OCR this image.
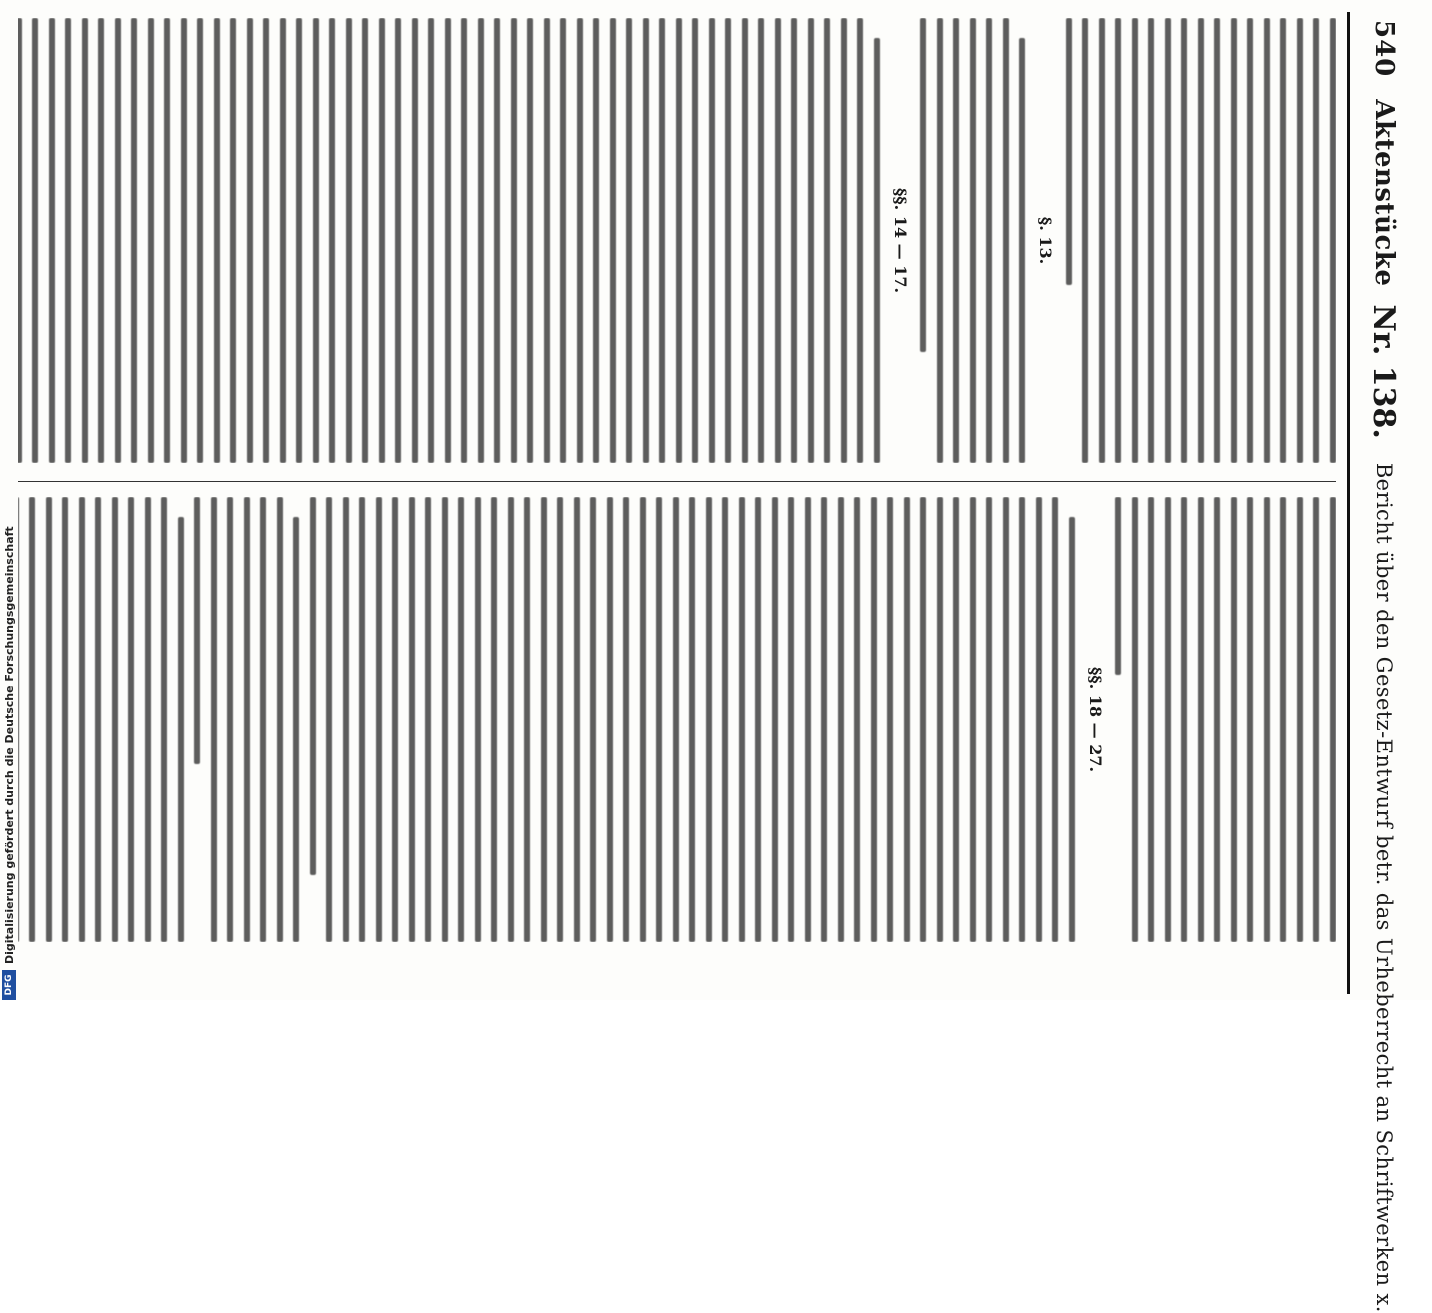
540
Aktenstücke
Nr. 138.
Bericht über den Gesetz-Entwurf betr. das Urheberrecht an Schriftwerken x.
§. 13.
§§. 14 — 17.
§§. 18 — 27.
Digitalisierung gefördert durch die Deutsche Forschungsgemeinschaft
DFG
